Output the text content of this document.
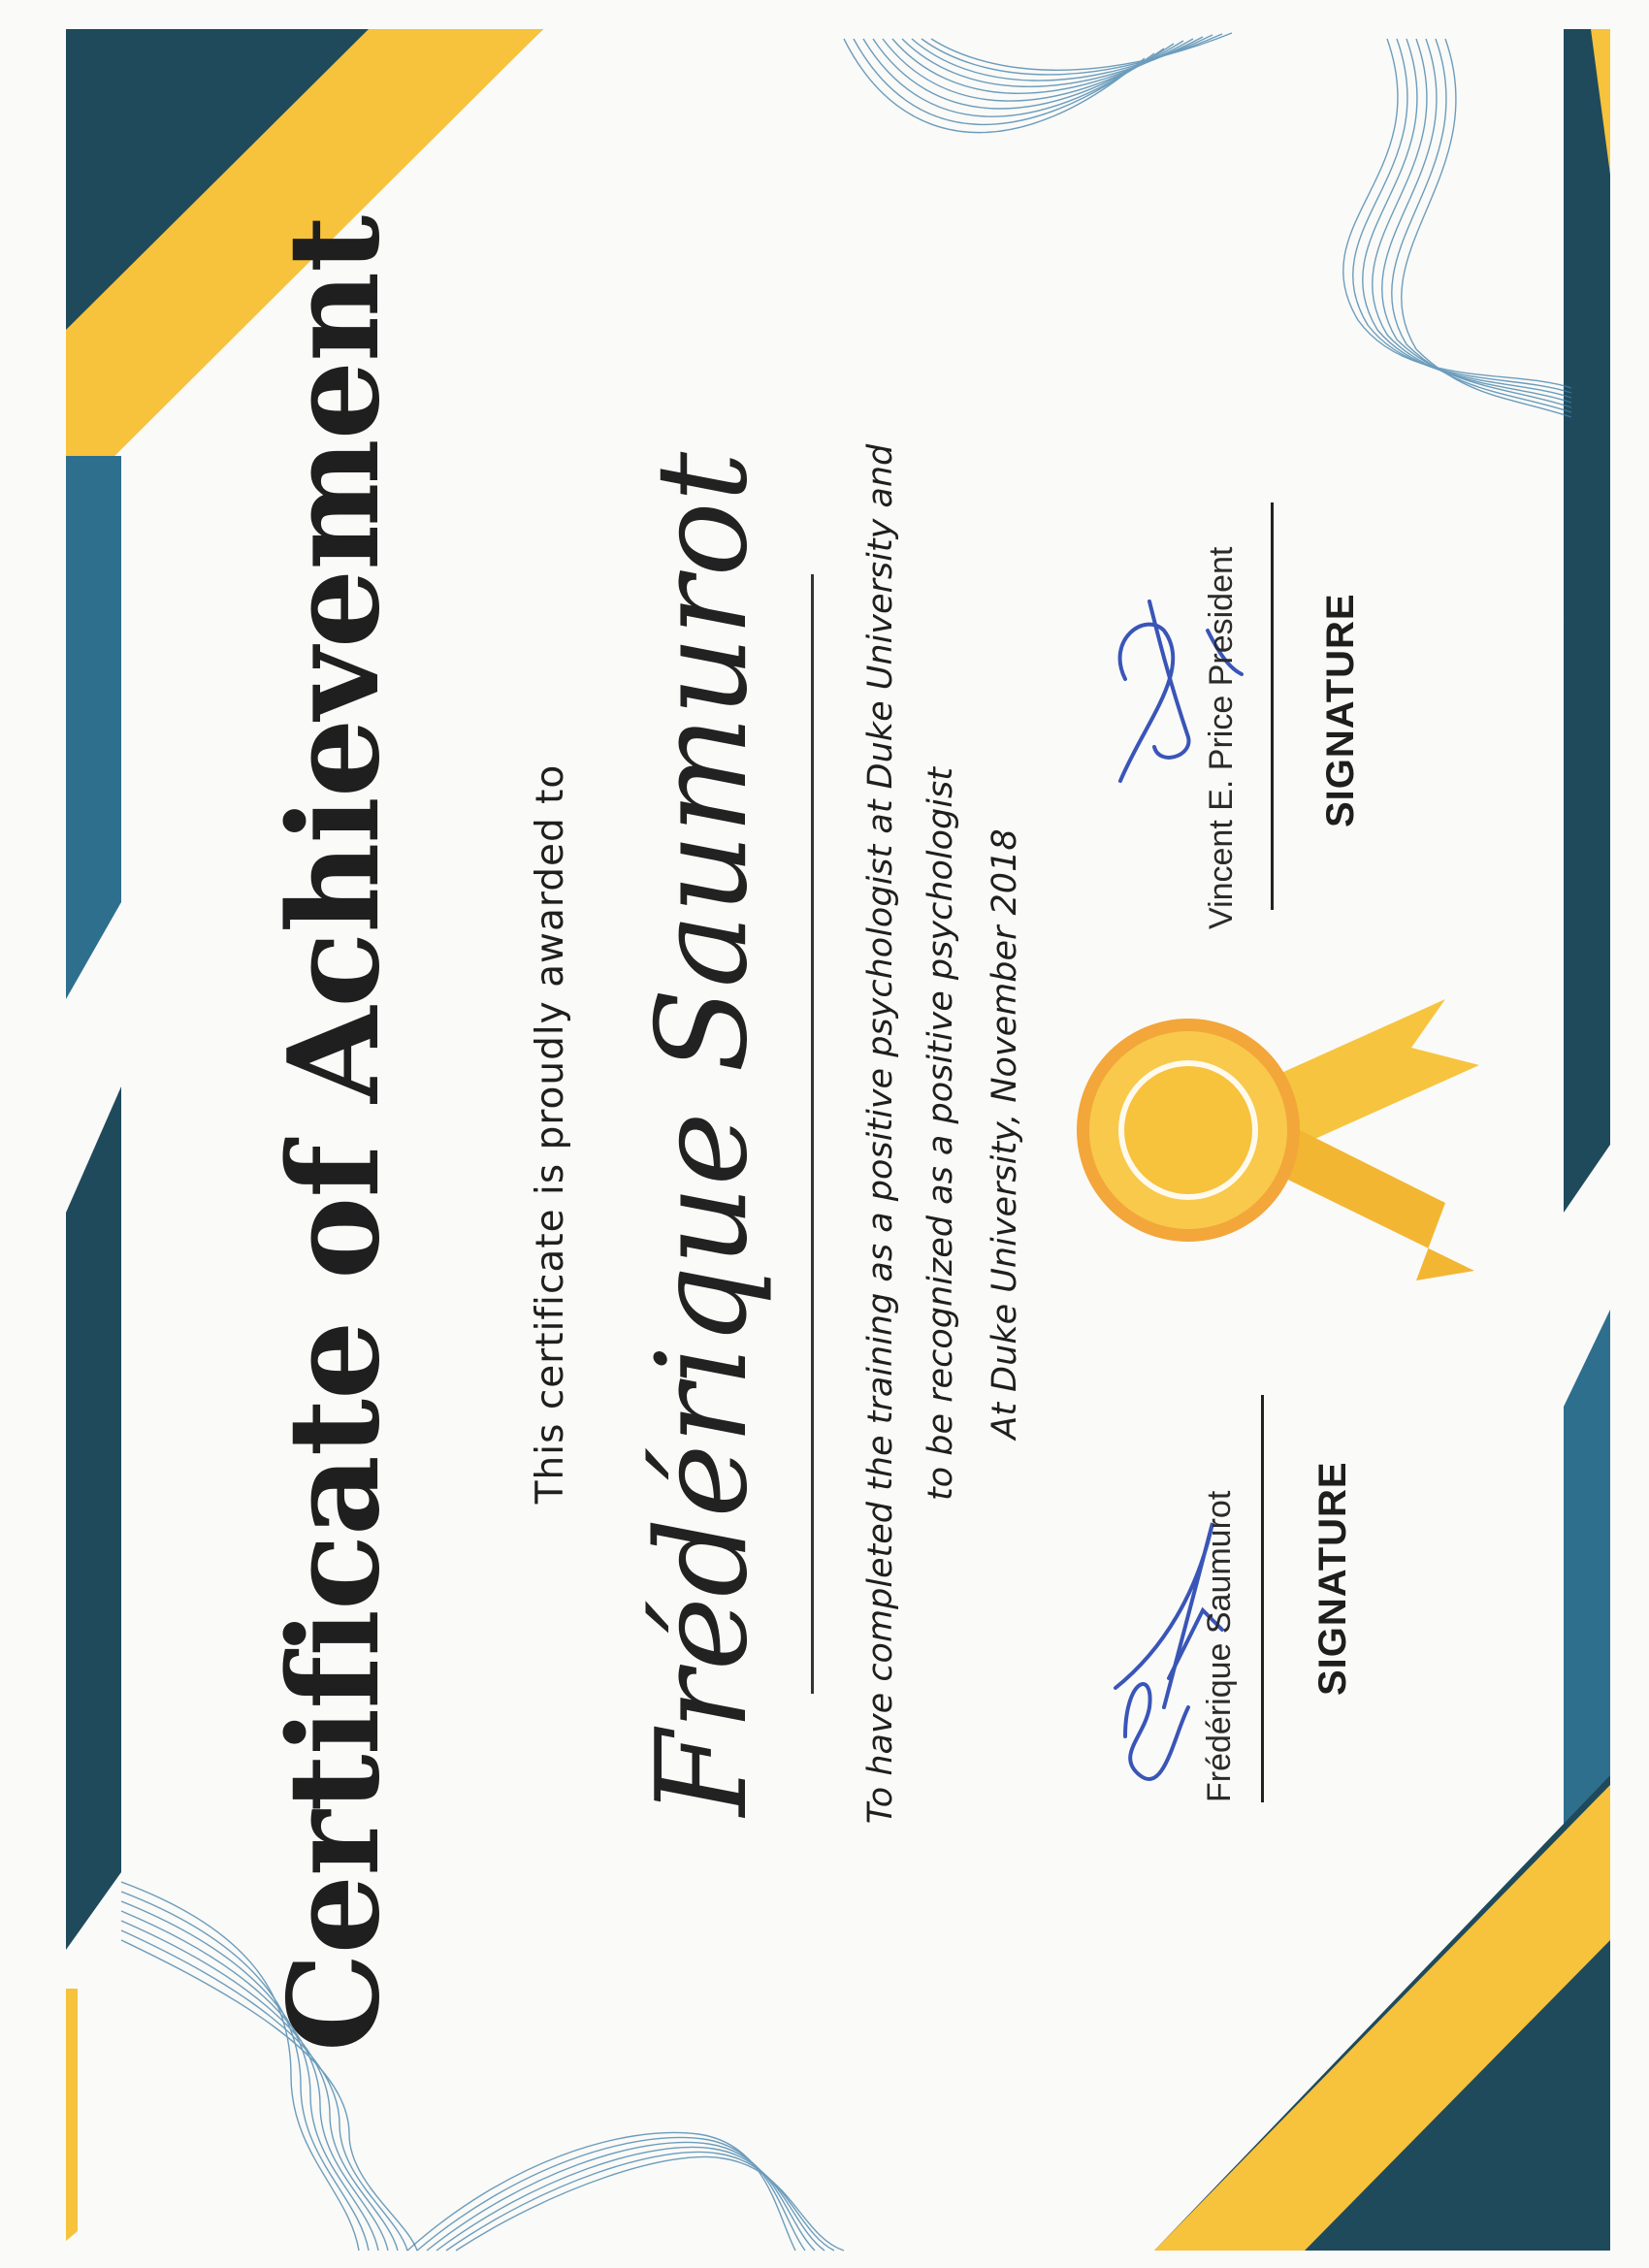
Certificate of Achievement	This certificate is proudly awarded to Frédérique Saumurot	To have completed the training as a positive psychologist at Duke University and to be recognized as a positive psychologist At Duke University, November 2018
Frédérique Saumurot SIGNATURE
Vincent E. Price President SIGNATURE
